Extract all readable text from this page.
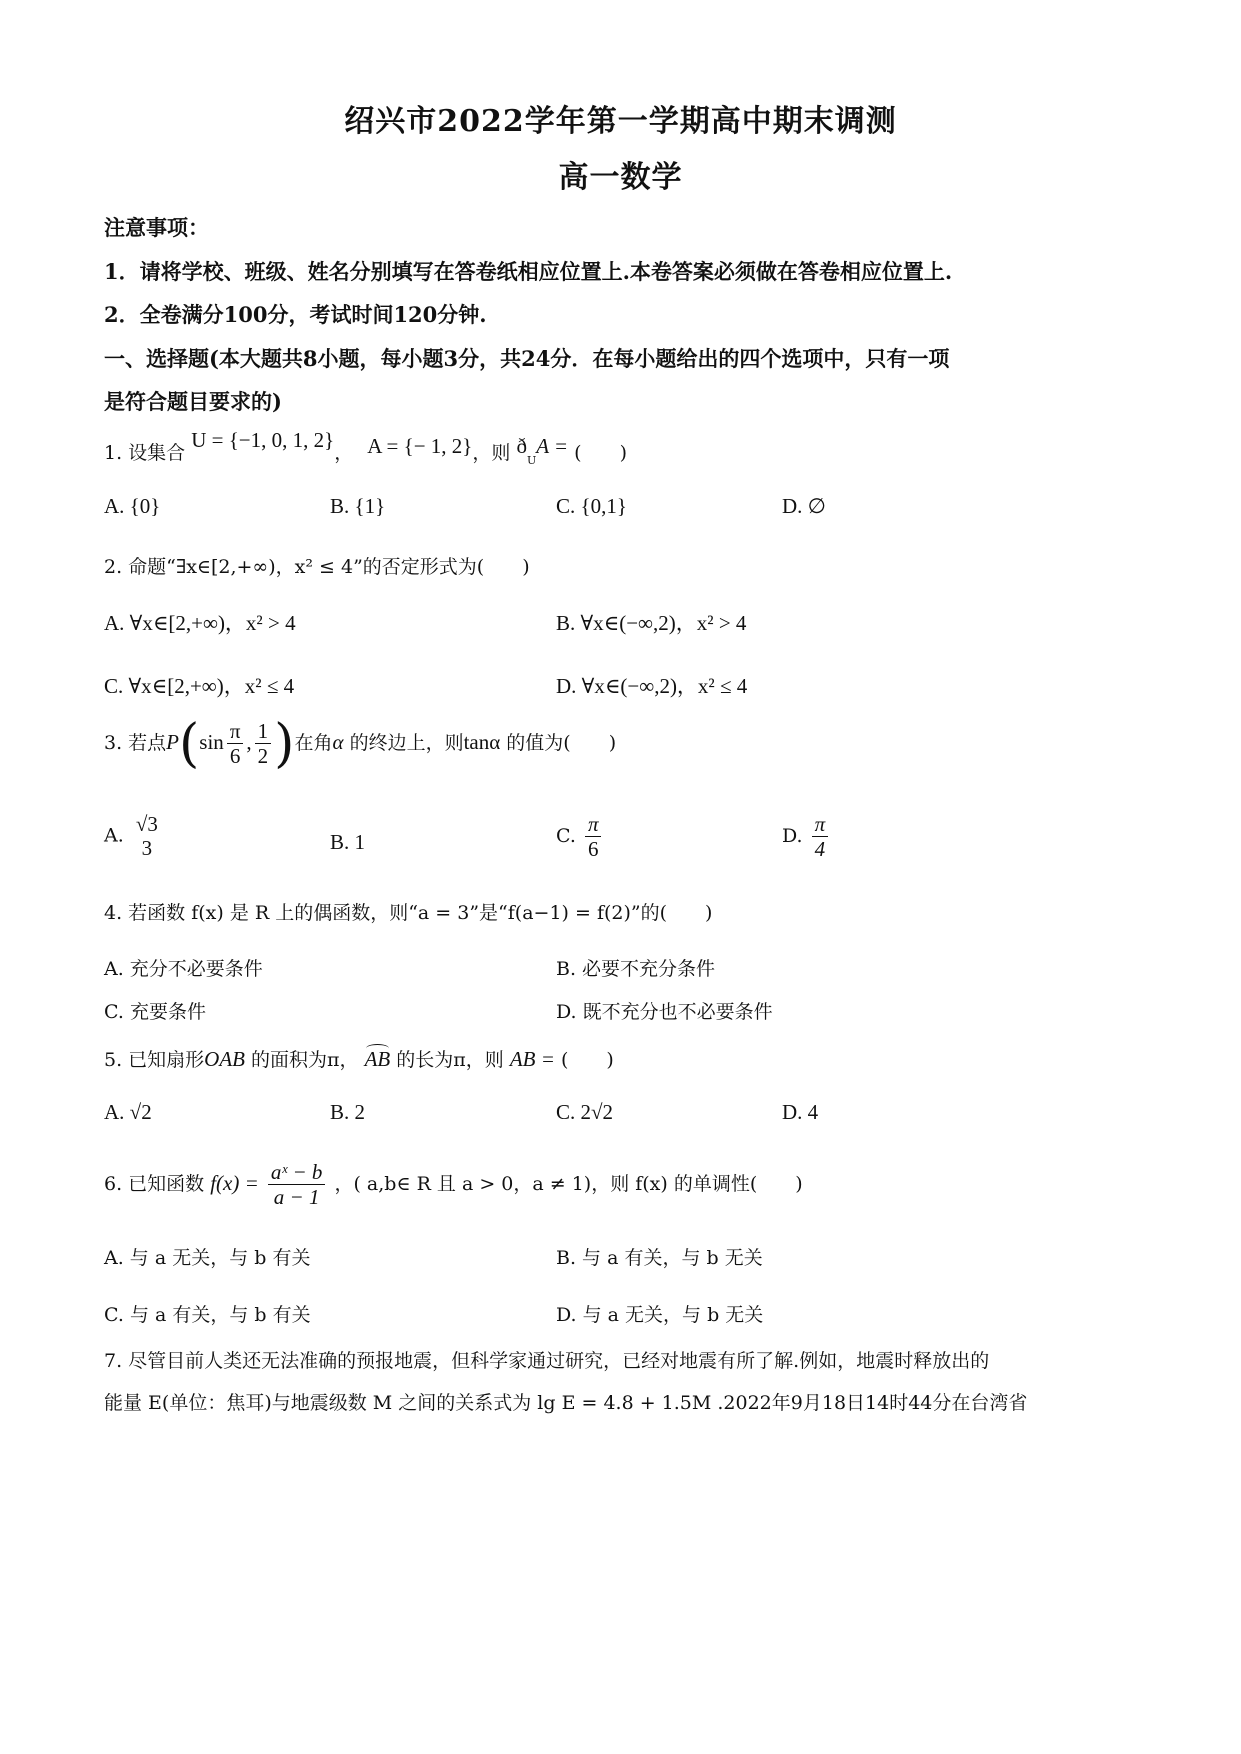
绍兴市2022学年第一学期高中期末调测
高一数学
注意事项：
1．请将学校、班级、姓名分别填写在答卷纸相应位置上.本卷答案必须做在答卷相应位置上.
2．全卷满分100分，考试时间120分钟.
一、选择题(本大题共8小题，每小题3分，共24分．在每小题给出的四个选项中，只有一项
是符合题目要求的)
1. 设集合 U = {−1, 0, 1, 2}， A = {− 1, 2}，则 $ð_UA$ = (　　)
A. {0}	B. {1}	C. {0,1}	D. ∅
2. 命题“∃x∈[2,+∞)，x² ≤ 4”的否定形式为(　　)
A. ∀x∈[2,+∞)，x² > 4	B. ∀x∈(−∞,2)，x² > 4
C. ∀x∈[2,+∞)，x² ≤ 4	D. ∀x∈(−∞,2)，x² ≤ 4
3. 若点$P(\sin \frac{\pi}{6}$ , $\frac{1}{2}$ )在角α 的终边上，则tanα 的值为(　　)
A. √3
3	B. 1	C. $\frac{\pi}{6}$	D. $\frac{\pi}{4}$
4. 若函数 f(x) 是 R 上的偶函数，则“a = 3”是“f(a−1) = f(2)”的(　　)
A. 充分不必要条件	B. 必要不充分条件
C. 充要条件	D. 既不充分也不必要条件
5. 已知扇形OAB 的面积为π， AB 的长为π，则 AB = (　　)
A. √2	B. 2	C. 2√2	D. 4
6. 已知函数 $f(x) = \frac{\text{aˣ − b}}{a - 1}$ ，( a,b∈ R 且 a > 0，a ≠ 1)，则 f(x) 的单调性(　　)
A. 与 a 无关，与 b 有关	B. 与 a 有关，与 b 无关
C. 与 a 有关，与 b 有关	D. 与 a 无关，与 b 无关
7. 尽管目前人类还无法准确的预报地震，但科学家通过研究，已经对地震有所了解.例如，地震时释放出的
能量 E(单位：焦耳)与地震级数 M 之间的关系式为 lg E = 4.8 + 1.5M .2022年9月18日14时44分在台湾省
